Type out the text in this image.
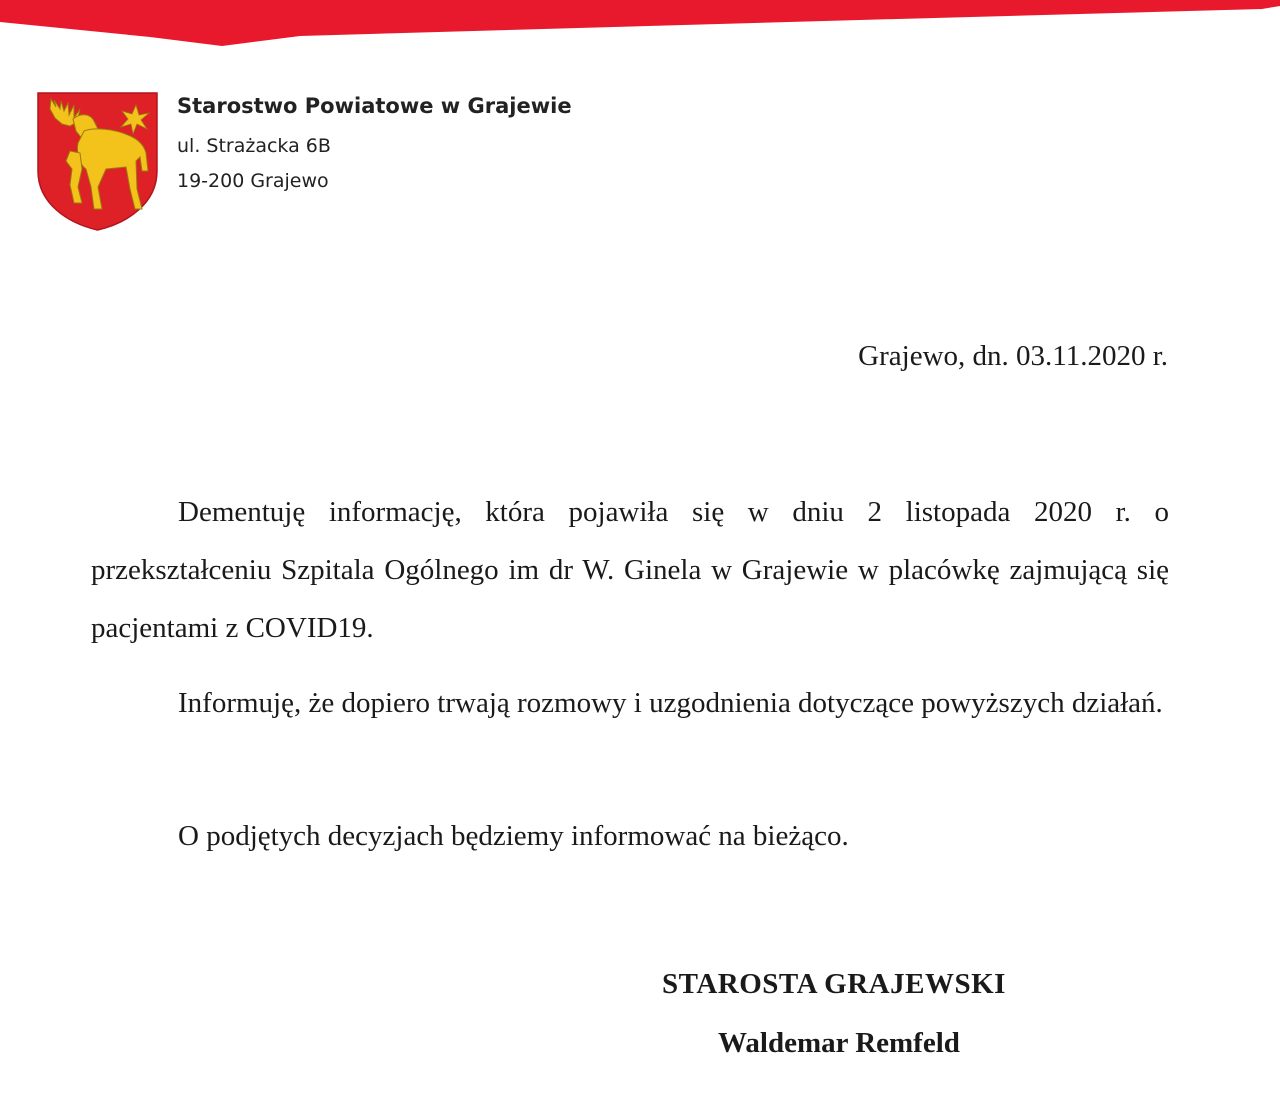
Starostwo Powiatowe w Grajewie
ul. Strażacka 6B
19-200 Grajewo
Grajewo, dn. 03.11.2020 r.

Dementuję informację, która pojawiła się w dniu 2 listopada 2020 r. o przekształceniu Szpitala Ogólnego im dr W. Ginela w Grajewie w placówkę zajmującą się pacjentami z COVID19.

Informuję, że dopiero trwają rozmowy i uzgodnienia dotyczące powyższych działań.

O podjętych decyzjach będziemy informować na bieżąco.

STAROSTA GRAJEWSKI
Waldemar Remfeld
